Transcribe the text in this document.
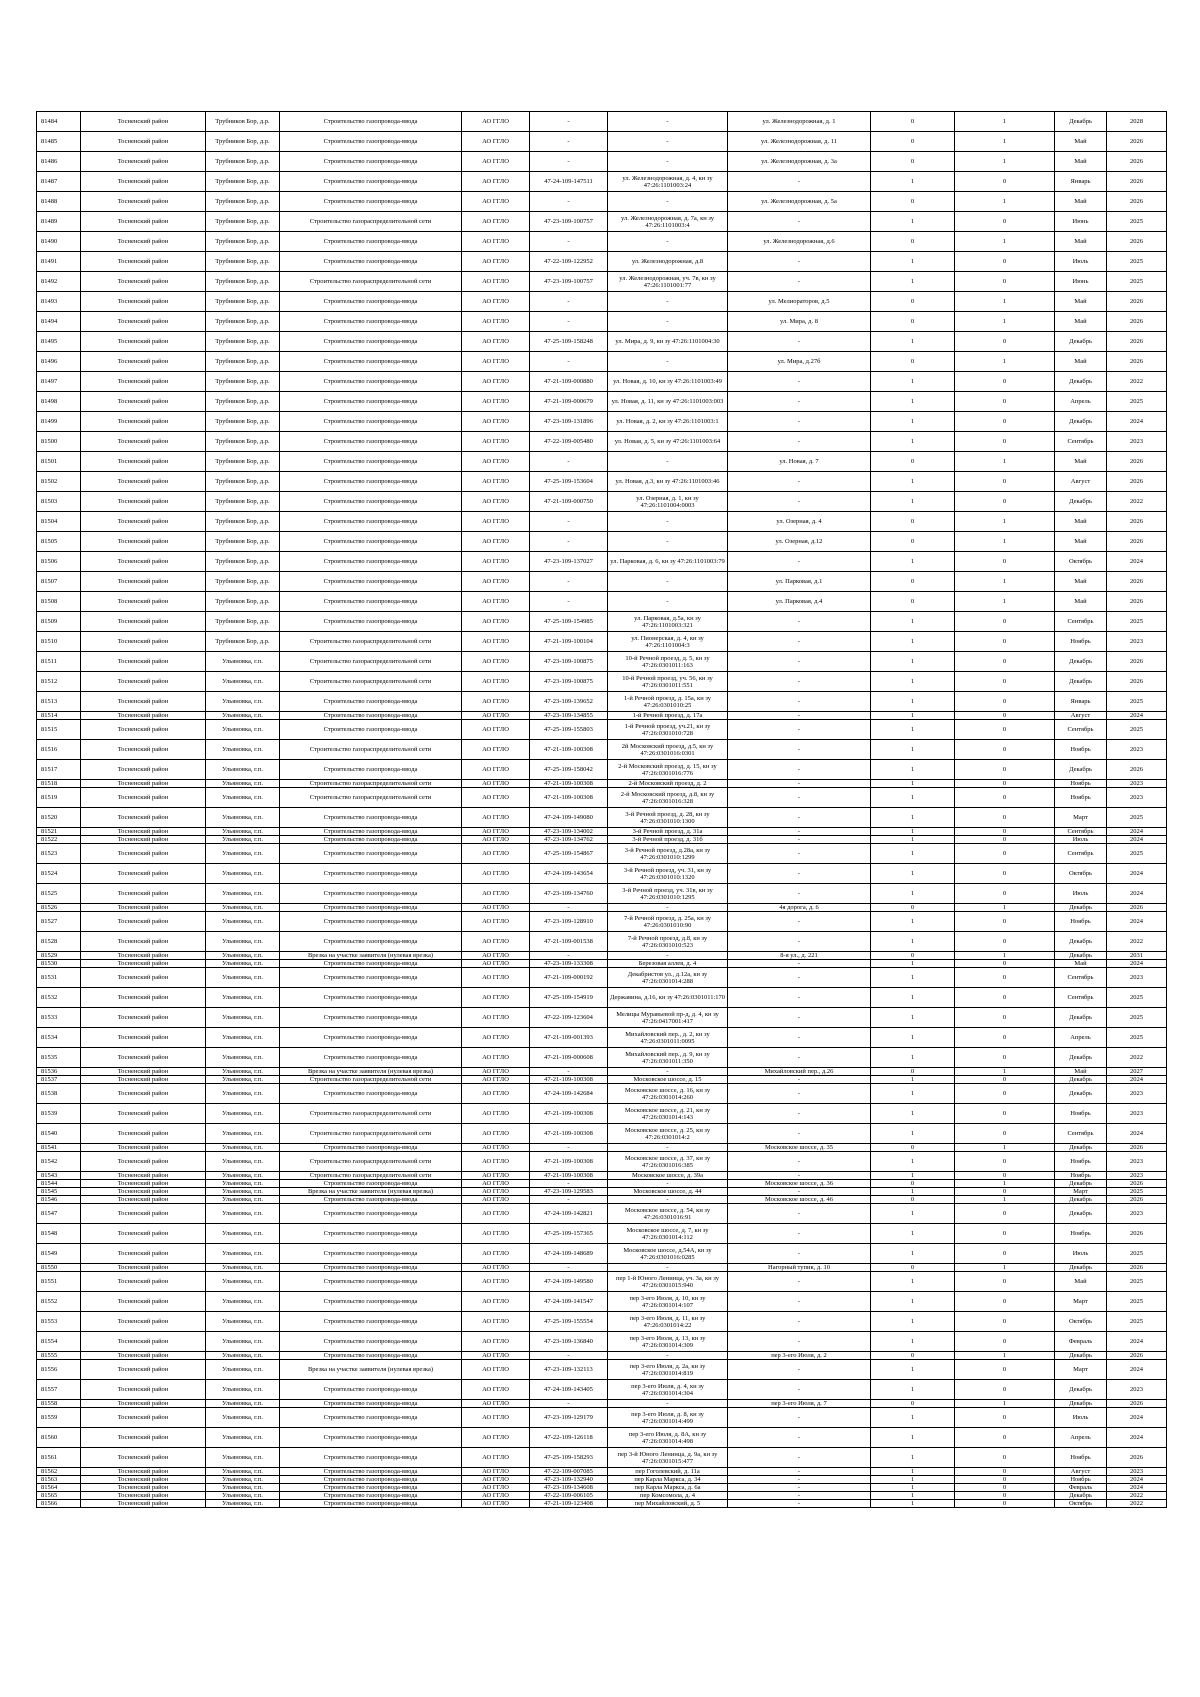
81484	Тосненский район	Трубников Бор, д.р.	Строительство газопровода-ввода	АО ГГЛО	-	-	ул. Железнодорожная, д. 1	0	1	Декабрь	2028
81485	Тосненский район	Трубников Бор, д.р.	Строительство газопровода-ввода	АО ГГЛО	-	-	ул. Железнодорожная, д. 11	0	1	Май	2026
81486	Тосненский район	Трубников Бор, д.р.	Строительство газопровода-ввода	АО ГГЛО	-	-	ул. Железнодорожная, д. 3а	0	1	Май	2026
81487	Тосненский район	Трубников Бор, д.р.	Строительство газопровода-ввода	АО ГГЛО	47-24-109-147511	ул. Железнодорожная, д. 4, кн зу 47:26:1101003:24	-	1	0	Январь	2026
81488	Тосненский район	Трубников Бор, д.р.	Строительство газопровода-ввода	АО ГГЛО	-	-	ул. Железнодорожная, д. 5а	0	1	Май	2026
81489	Тосненский район	Трубников Бор, д.р.	Строительство газораспределительной сети	АО ГГЛО	47-23-109-100757	ул. Железнодорожная, д. 7а, кн зу 47:26:1101003:4	-	1	0	Июнь	2025
81490	Тосненский район	Трубников Бор, д.р.	Строительство газопровода-ввода	АО ГГЛО	-	-	ул. Железнодорожная, д.6	0	1	Май	2026
81491	Тосненский район	Трубников Бор, д.р.	Строительство газопровода-ввода	АО ГГЛО	47-22-109-122952	ул. Железнодорожная, д.8	-	1	0	Июль	2025
81492	Тосненский район	Трубников Бор, д.р.	Строительство газораспределительной сети	АО ГГЛО	47-23-109-100757	ул. Железнодорожная, уч. 7в, кн зу 47:26:1101001:77	-	1	0	Июнь	2025
81493	Тосненский район	Трубников Бор, д.р.	Строительство газопровода-ввода	АО ГГЛО	-	-	ул. Мелиораторов, д.5	0	1	Май	2026
81494	Тосненский район	Трубников Бор, д.р.	Строительство газопровода-ввода	АО ГГЛО	-	-	ул. Мира, д. 8	0	1	Май	2026
81495	Тосненский район	Трубников Бор, д.р.	Строительство газопровода-ввода	АО ГГЛО	47-25-109-158248	ул. Мира, д. 9, кн зу 47:26:1101004:30	-	1	0	Декабрь	2026
81496	Тосненский район	Трубников Бор, д.р.	Строительство газопровода-ввода	АО ГГЛО	-	-	ул. Мира, д.27б	0	1	Май	2026
81497	Тосненский район	Трубников Бор, д.р.	Строительство газопровода-ввода	АО ГГЛО	47-21-109-000880	ул. Новая, д. 10, кн зу 47:26:1101003:49	-	1	0	Декабрь	2022
81498	Тосненский район	Трубников Бор, д.р.	Строительство газопровода-ввода	АО ГГЛО	47-21-109-000679	ул. Новая, д. 11, кн зу 47:26:1101003:003	-	1	0	Апрель	2025
81499	Тосненский район	Трубников Бор, д.р.	Строительство газопровода-ввода	АО ГГЛО	47-23-109-131896	ул. Новая, д. 2, кн зу 47:26:1101003:1	-	1	0	Декабрь	2024
81500	Тосненский район	Трубников Бор, д.р.	Строительство газопровода-ввода	АО ГГЛО	47-22-109-005480	ул. Новая, д. 5, кн зу 47:26:1101003:64	-	1	0	Сентябрь	2023
81501	Тосненский район	Трубников Бор, д.р.	Строительство газопровода-ввода	АО ГГЛО	-	-	ул. Новая, д. 7	0	1	Май	2026
81502	Тосненский район	Трубников Бор, д.р.	Строительство газопровода-ввода	АО ГГЛО	47-25-109-153604	ул. Новая, д.3, кн зу 47:26:1101003:46	-	1	0	Август	2026
81503	Тосненский район	Трубников Бор, д.р.	Строительство газопровода-ввода	АО ГГЛО	47-21-109-000750	ул. Озерная, д. 1, кн зу 47:26:1101004:0003	-	1	0	Декабрь	2022
81504	Тосненский район	Трубников Бор, д.р.	Строительство газопровода-ввода	АО ГГЛО	-	-	ул. Озерная, д. 4	0	1	Май	2026
81505	Тосненский район	Трубников Бор, д.р.	Строительство газопровода-ввода	АО ГГЛО	-	-	ул. Озерная, д.12	0	1	Май	2026
81506	Тосненский район	Трубников Бор, д.р.	Строительство газопровода-ввода	АО ГГЛО	47-23-109-137027	ул. Парковая, д. 6, кн зу 47:26:1101003:79	-	1	0	Октябрь	2024
81507	Тосненский район	Трубников Бор, д.р.	Строительство газопровода-ввода	АО ГГЛО	-	-	ул. Парковая, д.1	0	1	Май	2026
81508	Тосненский район	Трубников Бор, д.р.	Строительство газопровода-ввода	АО ГГЛО	-	-	ул. Парковая, д.4	0	1	Май	2026
81509	Тосненский район	Трубников Бор, д.р.	Строительство газопровода-ввода	АО ГГЛО	47-25-109-154985	ул. Парковая, д.5а, кн зу 47:26:1101003:321	-	1	0	Сентябрь	2025
81510	Тосненский район	Трубников Бор, д.р.	Строительство газораспределительной сети	АО ГГЛО	47-21-109-100104	ул. Пионерская, д. 4, кн зу 47:26:1101004:3	-	1	0	Ноябрь	2023
81511	Тосненский район	Ульяновка, г.п.	Строительство газораспределительной сети	АО ГГЛО	47-23-109-100875	10-й Речной проезд, д. 5, кн зу 47:26:0301011:163	-	1	0	Декабрь	2026
81512	Тосненский район	Ульяновка, г.п.	Строительство газораспределительной сети	АО ГГЛО	47-23-109-100875	10-й Речной проезд, уч. 56, кн зу 47:26:0301011:551	-	1	0	Декабрь	2026
81513	Тосненский район	Ульяновка, г.п.	Строительство газопровода-ввода	АО ГГЛО	47-23-109-139652	1-й Речной проезд, д. 15а, кн зу 47:26:0301010:25	-	1	0	Январь	2025
81514	Тосненский район	Ульяновка, г.п.	Строительство газопровода-ввода	АО ГГЛО	47-23-109-134855	1-й Речной проезд, д. 17а	-	1	0	Август	2024
81515	Тосненский район	Ульяновка, г.п.	Строительство газопровода-ввода	АО ГГЛО	47-25-109-155803	1-й Речной проезд, уч.21, кн зу 47:26:0301010:728	-	1	0	Сентябрь	2025
81516	Тосненский район	Ульяновка, г.п.	Строительство газораспределительной сети	АО ГГЛО	47-21-109-100308	2й Московский проезд, д.5, кн зу 47:26:0301016:0301	-	1	0	Ноябрь	2023
81517	Тосненский район	Ульяновка, г.п.	Строительство газопровода-ввода	АО ГГЛО	47-25-109-158042	2-й Московский проезд, д. 15, кн зу 47:26:0301016:776	-	1	0	Декабрь	2026
81518	Тосненский район	Ульяновка, г.п.	Строительство газораспределительной сети	АО ГГЛО	47-21-109-100308	2-й Московский проезд, д. 2	-	1	0	Ноябрь	2023
81519	Тосненский район	Ульяновка, г.п.	Строительство газораспределительной сети	АО ГГЛО	47-21-109-100308	2-й Московский проезд, д.8, кн зу 47:26:0301016:328	-	1	0	Ноябрь	2023
81520	Тосненский район	Ульяновка, г.п.	Строительство газопровода-ввода	АО ГГЛО	47-24-109-149080	3-й Речной проезд, д. 28, кн зу 47:26:0301010:1300	-	1	0	Март	2025
81521	Тосненский район	Ульяновка, г.п.	Строительство газопровода-ввода	АО ГГЛО	47-23-109-134002	3-й Речной проезд, д. 31а	-	1	0	Сентябрь	2024
81522	Тосненский район	Ульяновка, г.п.	Строительство газопровода-ввода	АО ГГЛО	47-23-109-134762	3-й Речной проезд, д. 31б	-	1	0	Июль	2024
81523	Тосненский район	Ульяновка, г.п.	Строительство газопровода-ввода	АО ГГЛО	47-25-109-154867	3-й Речной проезд, д.28а, кн зу 47:26:0301010:1299	-	1	0	Сентябрь	2025
81524	Тосненский район	Ульяновка, г.п.	Строительство газопровода-ввода	АО ГГЛО	47-24-109-143654	3-й Речной проезд, уч. 31, кн зу 47:26:0301010:1320	-	1	0	Октябрь	2024
81525	Тосненский район	Ульяновка, г.п.	Строительство газопровода-ввода	АО ГГЛО	47-23-109-134760	3-й Речной проезд, уч. 31в, кн зу 47:26:0301010:1295	-	1	0	Июль	2024
81526	Тосненский район	Ульяновка, г.п.	Строительство газопровода-ввода	АО ГГЛО	-	-	4я дорога, д. 6	0	1	Декабрь	2026
81527	Тосненский район	Ульяновка, г.п.	Строительство газопровода-ввода	АО ГГЛО	47-23-109-128910	7-й Речной проезд, д. 25а, кн зу 47:26:0301010:90	-	1	0	Ноябрь	2024
81528	Тосненский район	Ульяновка, г.п.	Строительство газопровода-ввода	АО ГГЛО	47-21-109-001538	7-й Речной проезд, д.8, кн зу 47:26:0301010:523	-	1	0	Декабрь	2022
81529	Тосненский район	Ульяновка, г.п.	Врезка на участке заявителя (нулевая врезка)	АО ГГЛО	-	-	8-я ул., д. 221	0	1	Декабрь	2031
81530	Тосненский район	Ульяновка, г.п.	Строительство газопровода-ввода	АО ГГЛО	47-23-109-133308	Березовая аллея, д. 4	-	1	0	Май	2024
81531	Тосненский район	Ульяновка, г.п.	Строительство газопровода-ввода	АО ГГЛО	47-21-109-000192	Декабристов ул., д.12а, кн зу 47:26:0301014:288	-	1	0	Сентябрь	2023
81532	Тосненский район	Ульяновка, г.п.	Строительство газопровода-ввода	АО ГГЛО	47-25-109-154919	Державина, д.16, кн зу 47:26:0301011:170	-	1	0	Сентябрь	2025
81533	Тосненский район	Ульяновка, г.п.	Строительство газопровода-ввода	АО ГГЛО	47-22-109-123604	Мелицы Муравьевой пр-д, д. 4, кн зу 47:26:0417001:417	-	1	0	Декабрь	2025
81534	Тосненский район	Ульяновка, г.п.	Строительство газопровода-ввода	АО ГГЛО	47-21-109-001393	Михайловский пер., д. 2, кн зу 47:26:0301011:0095	-	1	0	Апрель	2025
81535	Тосненский район	Ульяновка, г.п.	Строительство газопровода-ввода	АО ГГЛО	47-21-109-000608	Михайловский пер., д. 9, кн зу 47:26:0301011:350	-	1	0	Декабрь	2022
81536	Тосненский район	Ульяновка, г.п.	Врезка на участке заявителя (нулевая врезка)	АО ГГЛО	-	-	Михайловский пер., д.26	0	1	Май	2027
81537	Тосненский район	Ульяновка, г.п.	Строительство газораспределительной сети	АО ГГЛО	47-21-109-100308	Московское шоссе, д. 15	-	1	0	Декабрь	2024
81538	Тосненский район	Ульяновка, г.п.	Строительство газопровода-ввода	АО ГГЛО	47-24-109-142684	Московское шоссе, д. 16, кн зу 47:26:0301014:260	-	1	0	Декабрь	2023
81539	Тосненский район	Ульяновка, г.п.	Строительство газораспределительной сети	АО ГГЛО	47-21-109-100308	Московское шоссе, д. 21, кн зу 47:26:0301014:143	-	1	0	Ноябрь	2023
81540	Тосненский район	Ульяновка, г.п.	Строительство газораспределительной сети	АО ГГЛО	47-21-109-100308	Московское шоссе, д. 25, кн зу 47:26:0301014:2	-	1	0	Сентябрь	2024
81541	Тосненский район	Ульяновка, г.п.	Строительство газопровода-ввода	АО ГГЛО	-	-	Московское шоссе, д. 35	0	1	Декабрь	2026
81542	Тосненский район	Ульяновка, г.п.	Строительство газораспределительной сети	АО ГГЛО	47-21-109-100308	Московское шоссе, д. 37, кн зу 47:26:0301016:385	-	1	0	Ноябрь	2023
81543	Тосненский район	Ульяновка, г.п.	Строительство газораспределительной сети	АО ГГЛО	47-21-109-100308	Московское шоссе, д. 39а	-	1	0	Ноябрь	2023
81544	Тосненский район	Ульяновка, г.п.	Строительство газопровода-ввода	АО ГГЛО	-	-	Московское шоссе, д. 36	0	1	Декабрь	2026
81545	Тосненский район	Ульяновка, г.п.	Врезка на участке заявителя (нулевая врезка)	АО ГГЛО	47-23-109-129583	Московское шоссе, д. 44	-	1	0	Март	2025
81546	Тосненский район	Ульяновка, г.п.	Строительство газопровода-ввода	АО ГГЛО	-	-	Московское шоссе, д. 46	0	1	Декабрь	2026
81547	Тосненский район	Ульяновка, г.п.	Строительство газопровода-ввода	АО ГГЛО	47-24-109-142821	Московское шоссе, д. 54, кн зу 47:26:0301016:91	-	1	0	Декабрь	2023
81548	Тосненский район	Ульяновка, г.п.	Строительство газопровода-ввода	АО ГГЛО	47-25-109-157365	Московское шоссе, д. 7, кн зу 47:26:0301014:112	-	1	0	Ноябрь	2026
81549	Тосненский район	Ульяновка, г.п.	Строительство газопровода-ввода	АО ГГЛО	47-24-109-148689	Московское шоссе, д.54А, кн зу 47:26:0301016:0285	-	1	0	Июль	2025
81550	Тосненский район	Ульяновка, г.п.	Строительство газопровода-ввода	АО ГГЛО	-	-	Нагорный тупик, д. 10	0	1	Декабрь	2026
81551	Тосненский район	Ульяновка, г.п.	Строительство газопровода-ввода	АО ГГЛО	47-24-109-149580	пер 1-й Юного Ленинца, уч. 3а, кн зу 47:26:0301015:940	-	1	0	Май	2025
81552	Тосненский район	Ульяновка, г.п.	Строительство газопровода-ввода	АО ГГЛО	47-24-109-141547	пер 3-его Июля, д. 10, кн зу 47:26:0301014:107	-	1	0	Март	2025
81553	Тосненский район	Ульяновка, г.п.	Строительство газопровода-ввода	АО ГГЛО	47-25-109-155554	пер 3-его Июля, д. 11, кн зу 47:26:0301014:22	-	1	0	Октябрь	2025
81554	Тосненский район	Ульяновка, г.п.	Строительство газопровода-ввода	АО ГГЛО	47-23-109-136840	пер 3-его Июля, д. 13, кн зу 47:26:0301014:309	-	1	0	Февраль	2024
81555	Тосненский район	Ульяновка, г.п.	Строительство газопровода-ввода	АО ГГЛО	-	-	пер 3-его Июля, д. 2	0	1	Декабрь	2026
81556	Тосненский район	Ульяновка, г.п.	Врезка на участке заявителя (нулевая врезка)	АО ГГЛО	47-23-109-132113	пер 3-его Июля, д. 2а, кн зу 47:26:0301014:819	-	1	0	Март	2024
81557	Тосненский район	Ульяновка, г.п.	Строительство газопровода-ввода	АО ГГЛО	47-24-109-143405	пер 3-его Июля, д. 4, кн зу 47:26:0301014:304	-	1	0	Декабрь	2023
81558	Тосненский район	Ульяновка, г.п.	Строительство газопровода-ввода	АО ГГЛО	-	-	пер 3-его Июля, д. 7	0	1	Декабрь	2026
81559	Тосненский район	Ульяновка, г.п.	Строительство газопровода-ввода	АО ГГЛО	47-23-109-129179	пер 3-его Июля, д. 8, кн зу 47:26:0301014:499	-	1	0	Июль	2024
81560	Тосненский район	Ульяновка, г.п.	Строительство газопровода-ввода	АО ГГЛО	47-22-109-126118	пер 3-его Июля, д. 8А, кн зу 47:26:0301014:498	-	1	0	Апрель	2024
81561	Тосненский район	Ульяновка, г.п.	Строительство газопровода-ввода	АО ГГЛО	47-25-109-158293	пер 3-й Юного Ленинца, д. 9а, кн зу 47:26:0301015:477	-	1	0	Ноябрь	2026
81562	Тосненский район	Ульяновка, г.п.	Строительство газопровода-ввода	АО ГГЛО	47-22-109-007085	пер Гоголевский, д. 11а	-	1	0	Август	2023
81563	Тосненский район	Ульяновка, г.п.	Строительство газопровода-ввода	АО ГГЛО	47-23-109-132940	пер Карла Маркса, д. 34	-	1	0	Ноябрь	2024
81564	Тосненский район	Ульяновка, г.п.	Строительство газопровода-ввода	АО ГГЛО	47-23-109-134608	пер Карла Маркса, д. 6а	-	1	0	Февраль	2024
81565	Тосненский район	Ульяновка, г.п.	Строительство газопровода-ввода	АО ГГЛО	47-22-109-006105	пер Комсомола, д. 4	-	1	0	Декабрь	2022
81566	Тосненский район	Ульяновка, г.п.	Строительство газопровода-ввода	АО ГГЛО	47-21-109-123408	пер Михайловский, д. 5	-	1	0	Октябрь	2022
